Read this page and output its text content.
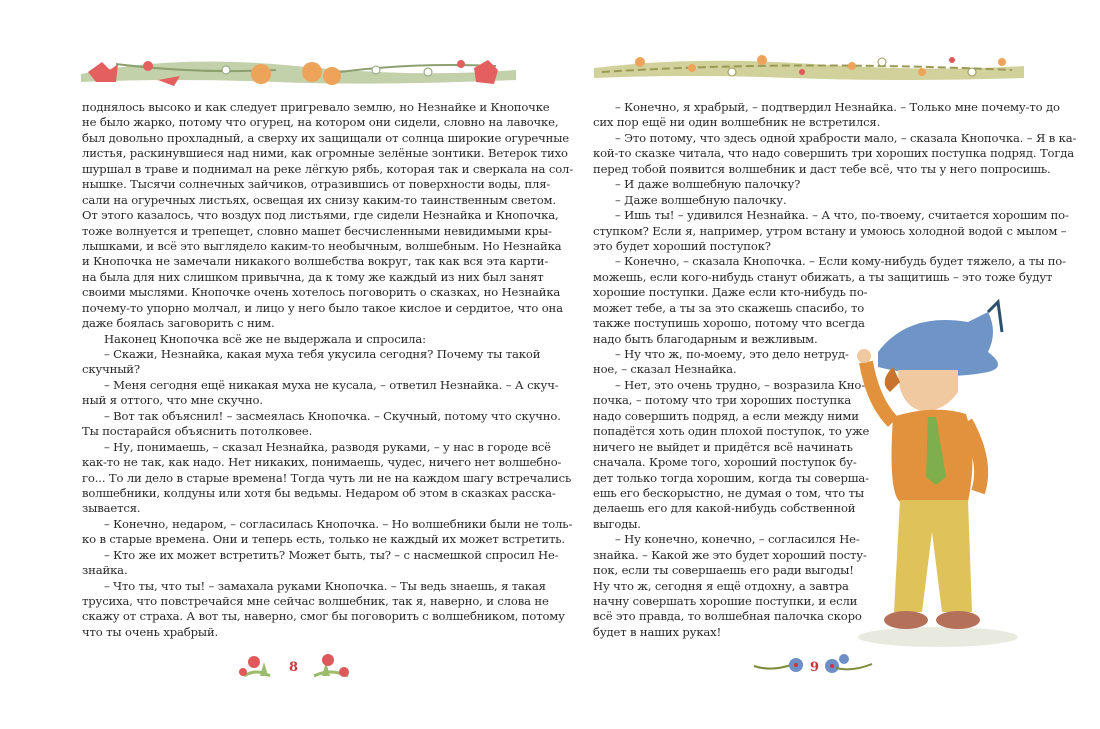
поднялось высоко и как следует пригревало землю, но Незнайке и Кнопочке
не было жарко, потому что огурец, на котором они сидели, словно на лавочке,
был довольно прохладный, а сверху их защищали от солнца широкие огуречные
листья, раскинувшиеся над ними, как огромные зелёные зонтики. Ветерок тихо
шуршал в траве и поднимал на реке лёгкую рябь, которая так и сверкала на сол-
нышке. Тысячи солнечных зайчиков, отразившись от поверхности воды, пля-
сали на огуречных листьях, освещая их снизу каким-то таинственным светом.
От этого казалось, что воздух под листьями, где сидели Незнайка и Кнопочка,
тоже волнуется и трепещет, словно машет бесчисленными невидимыми кры-
лышками, и всё это выглядело каким-то необычным, волшебным. Но Незнайка
и Кнопочка не замечали никакого волшебства вокруг, так как вся эта карти-
на была для них слишком привычна, да к тому же каждый из них был занят
своими мыслями. Кнопочке очень хотелось поговорить о сказках, но Незнайка
почему-то упорно молчал, и лицо у него было такое кислое и сердитое, что она
даже боялась заговорить с ним.
Наконец Кнопочка всё же не выдержала и спросила:
– Скажи, Незнайка, какая муха тебя укусила сегодня? Почему ты такой
скучный?
– Меня сегодня ещё никакая муха не кусала, – ответил Незнайка. – А скуч-
ный я оттого, что мне скучно.
– Вот так объяснил! – засмеялась Кнопочка. – Скучный, потому что скучно.
Ты постарайся объяснить потолковее.
– Ну, понимаешь, – сказал Незнайка, разводя руками, – у нас в городе всё
как-то не так, как надо. Нет никаких, понимаешь, чудес, ничего нет волшебно-
го... То ли дело в старые времена! Тогда чуть ли не на каждом шагу встречались
волшебники, колдуны или хотя бы ведьмы. Недаром об этом в сказках расска-
зывается.
– Конечно, недаром, – согласилась Кнопочка. – Но волшебники были не толь-
ко в старые времена. Они и теперь есть, только не каждый их может встретить.
– Кто же их может встретить? Может быть, ты? – с насмешкой спросил Не-
знайка.
– Что ты, что ты! – замахала руками Кнопочка. – Ты ведь знаешь, я такая
трусиха, что повстречайся мне сейчас волшебник, так я, наверно, и слова не
скажу от страха. А вот ты, наверно, смог бы поговорить с волшебником, потому
что ты очень храбрый.
8
– Конечно, я храбрый, – подтвердил Незнайка. – Только мне почему-то до
сих пор ещё ни один волшебник не встретился.
– Это потому, что здесь одной храбрости мало, – сказала Кнопочка. – Я в ка-
кой-то сказке читала, что надо совершить три хороших поступка подряд. Тогда
перед тобой появится волшебник и даст тебе всё, что ты у него попросишь.
– И даже волшебную палочку?
– Даже волшебную палочку.
– Ишь ты! – удивился Незнайка. – А что, по-твоему, считается хорошим по-
ступком? Если я, например, утром встану и умоюсь холодной водой с мылом –
это будет хороший поступок?
– Конечно, – сказала Кнопочка. – Если кому-нибудь будет тяжело, а ты по-
можешь, если кого-нибудь станут обижать, а ты защитишь – это тоже будут
хорошие поступки. Даже если кто-нибудь по-
может тебе, а ты за это скажешь спасибо, то
также поступишь хорошо, потому что всегда
надо быть благодарным и вежливым.
– Ну что ж, по-моему, это дело нетруд-
ное, – сказал Незнайка.
– Нет, это очень трудно, – возразила Кно-
почка, – потому что три хороших поступка
надо совершить подряд, а если между ними
попадётся хоть один плохой поступок, то уже
ничего не выйдет и придётся всё начинать
сначала. Кроме того, хороший поступок бу-
дет только тогда хорошим, когда ты соверша-
ешь его бескорыстно, не думая о том, что ты
делаешь его для какой-нибудь собственной
выгоды.
– Ну конечно, конечно, – согласился Не-
знайка. – Какой же это будет хороший посту-
пок, если ты совершаешь его ради выгоды!
Ну что ж, сегодня я ещё отдохну, а завтра
начну совершать хорошие поступки, и если
всё это правда, то волшебная палочка скоро
будет в наших руках!
9
